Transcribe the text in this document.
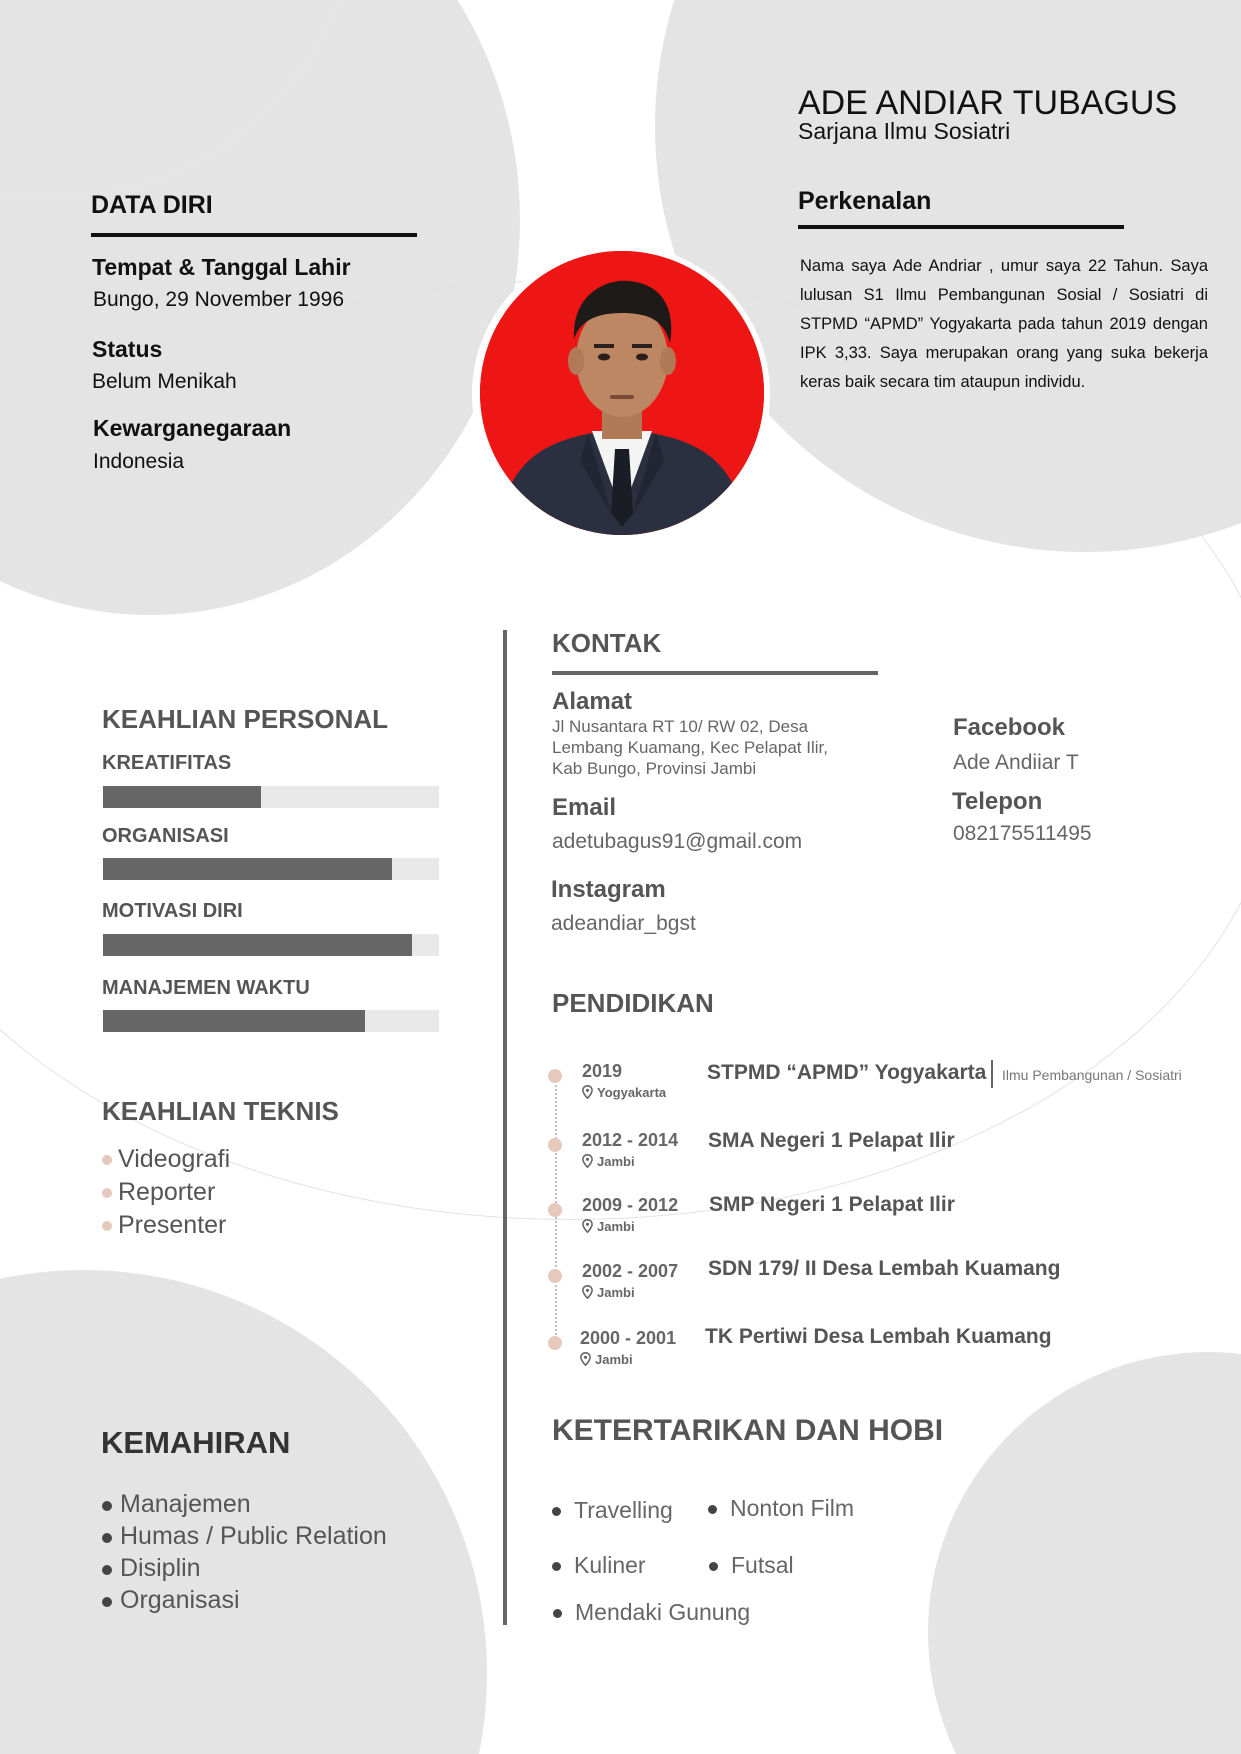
ADE ANDIAR TUBAGUS
Sarjana Ilmu Sosiatri
DATA DIRI
Tempat & Tanggal Lahir
Bungo, 29 November 1996
Status
Belum Menikah
Kewarganegaraan
Indonesia
Perkenalan
Nama saya Ade Andriar , umur saya 22 Tahun. Saya lulusan S1 Ilmu Pembangunan Sosial / Sosiatri di STPMD “APMD” Yogyakarta pada tahun 2019 dengan IPK 3,33. Saya merupakan orang yang suka bekerja keras baik secara tim ataupun individu.
KEAHLIAN PERSONAL
KREATIFITAS
ORGANISASI
MOTIVASI DIRI
MANAJEMEN WAKTU
KEAHLIAN TEKNIS
Videografi
Reporter
Presenter
KEMAHIRAN
Manajemen
Humas / Public Relation
Disiplin
Organisasi
KONTAK
Alamat
Jl Nusantara RT 10/ RW 02, Desa
Lembang Kuamang, Kec Pelapat Ilir,
Kab Bungo, Provinsi Jambi
Email
adetubagus91@gmail.com
Instagram
adeandiar_bgst
Facebook
Ade Andiiar T
Telepon
082175511495
PENDIDIKAN
2019
Yogyakarta
STPMD “APMD” Yogyakarta Ilmu Pembangunan / Sosiatri
2012 - 2014
Jambi
SMA Negeri 1 Pelapat Ilir
2009 - 2012
Jambi
SMP Negeri 1 Pelapat Ilir
2002 - 2007
Jambi
SDN 179/ II Desa Lembah Kuamang
2000 - 2001
Jambi
TK Pertiwi Desa Lembah Kuamang
KETERTARIKAN DAN HOBI
Travelling	Nonton Film
Kuliner	Futsal
Mendaki Gunung
